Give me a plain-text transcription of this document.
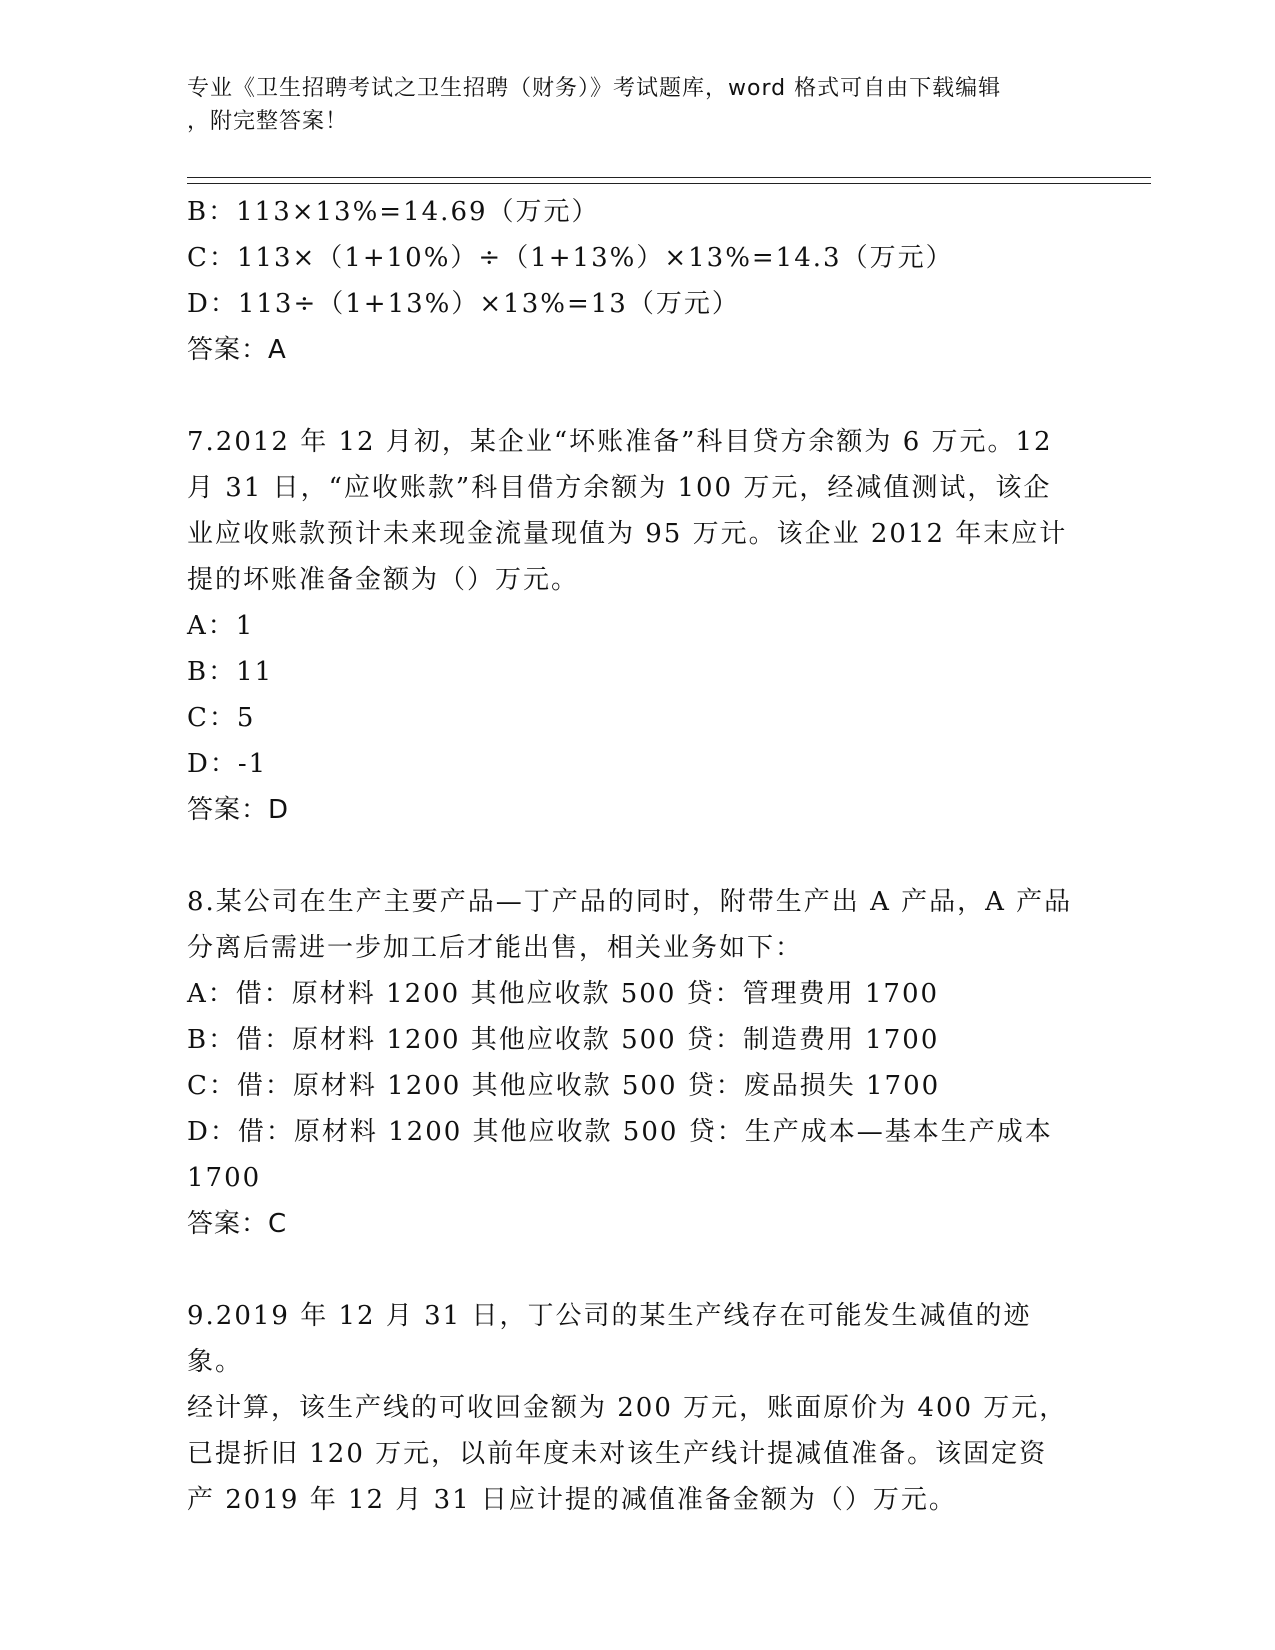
专业《卫生招聘考试之卫生招聘（财务）》考试题库，word 格式可自由下载编辑
，附完整答案！

B：113×13%=14.69（万元）

C：113×（1+10%）÷（1+13%）×13%=14.3（万元）

D：113÷（1+13%）×13%=13（万元）

答案：A

7.2012 年 12 月初，某企业“坏账准备”科目贷方余额为 6 万元。12

月 31 日，“应收账款”科目借方余额为 100 万元，经减值测试，该企

业应收账款预计未来现金流量现值为 95 万元。该企业 2012 年末应计

提的坏账准备金额为（）万元。

A：1

B：11

C：5

D：-1

答案：D

8.某公司在生产主要产品—丁产品的同时，附带生产出 A 产品，A 产品

分离后需进一步加工后才能出售，相关业务如下：

A：借：原材料 1200 其他应收款 500 贷：管理费用 1700

B：借：原材料 1200 其他应收款 500 贷：制造费用 1700

C：借：原材料 1200 其他应收款 500 贷：废品损失 1700

D：借：原材料 1200 其他应收款 500 贷：生产成本—基本生产成本

1700

答案：C

9.2019 年 12 月 31 日，丁公司的某生产线存在可能发生减值的迹象。

经计算，该生产线的可收回金额为 200 万元，账面原价为 400 万元，

已提折旧 120 万元，以前年度未对该生产线计提减值准备。该固定资

产 2019 年 12 月 31 日应计提的减值准备金额为（）万元。
